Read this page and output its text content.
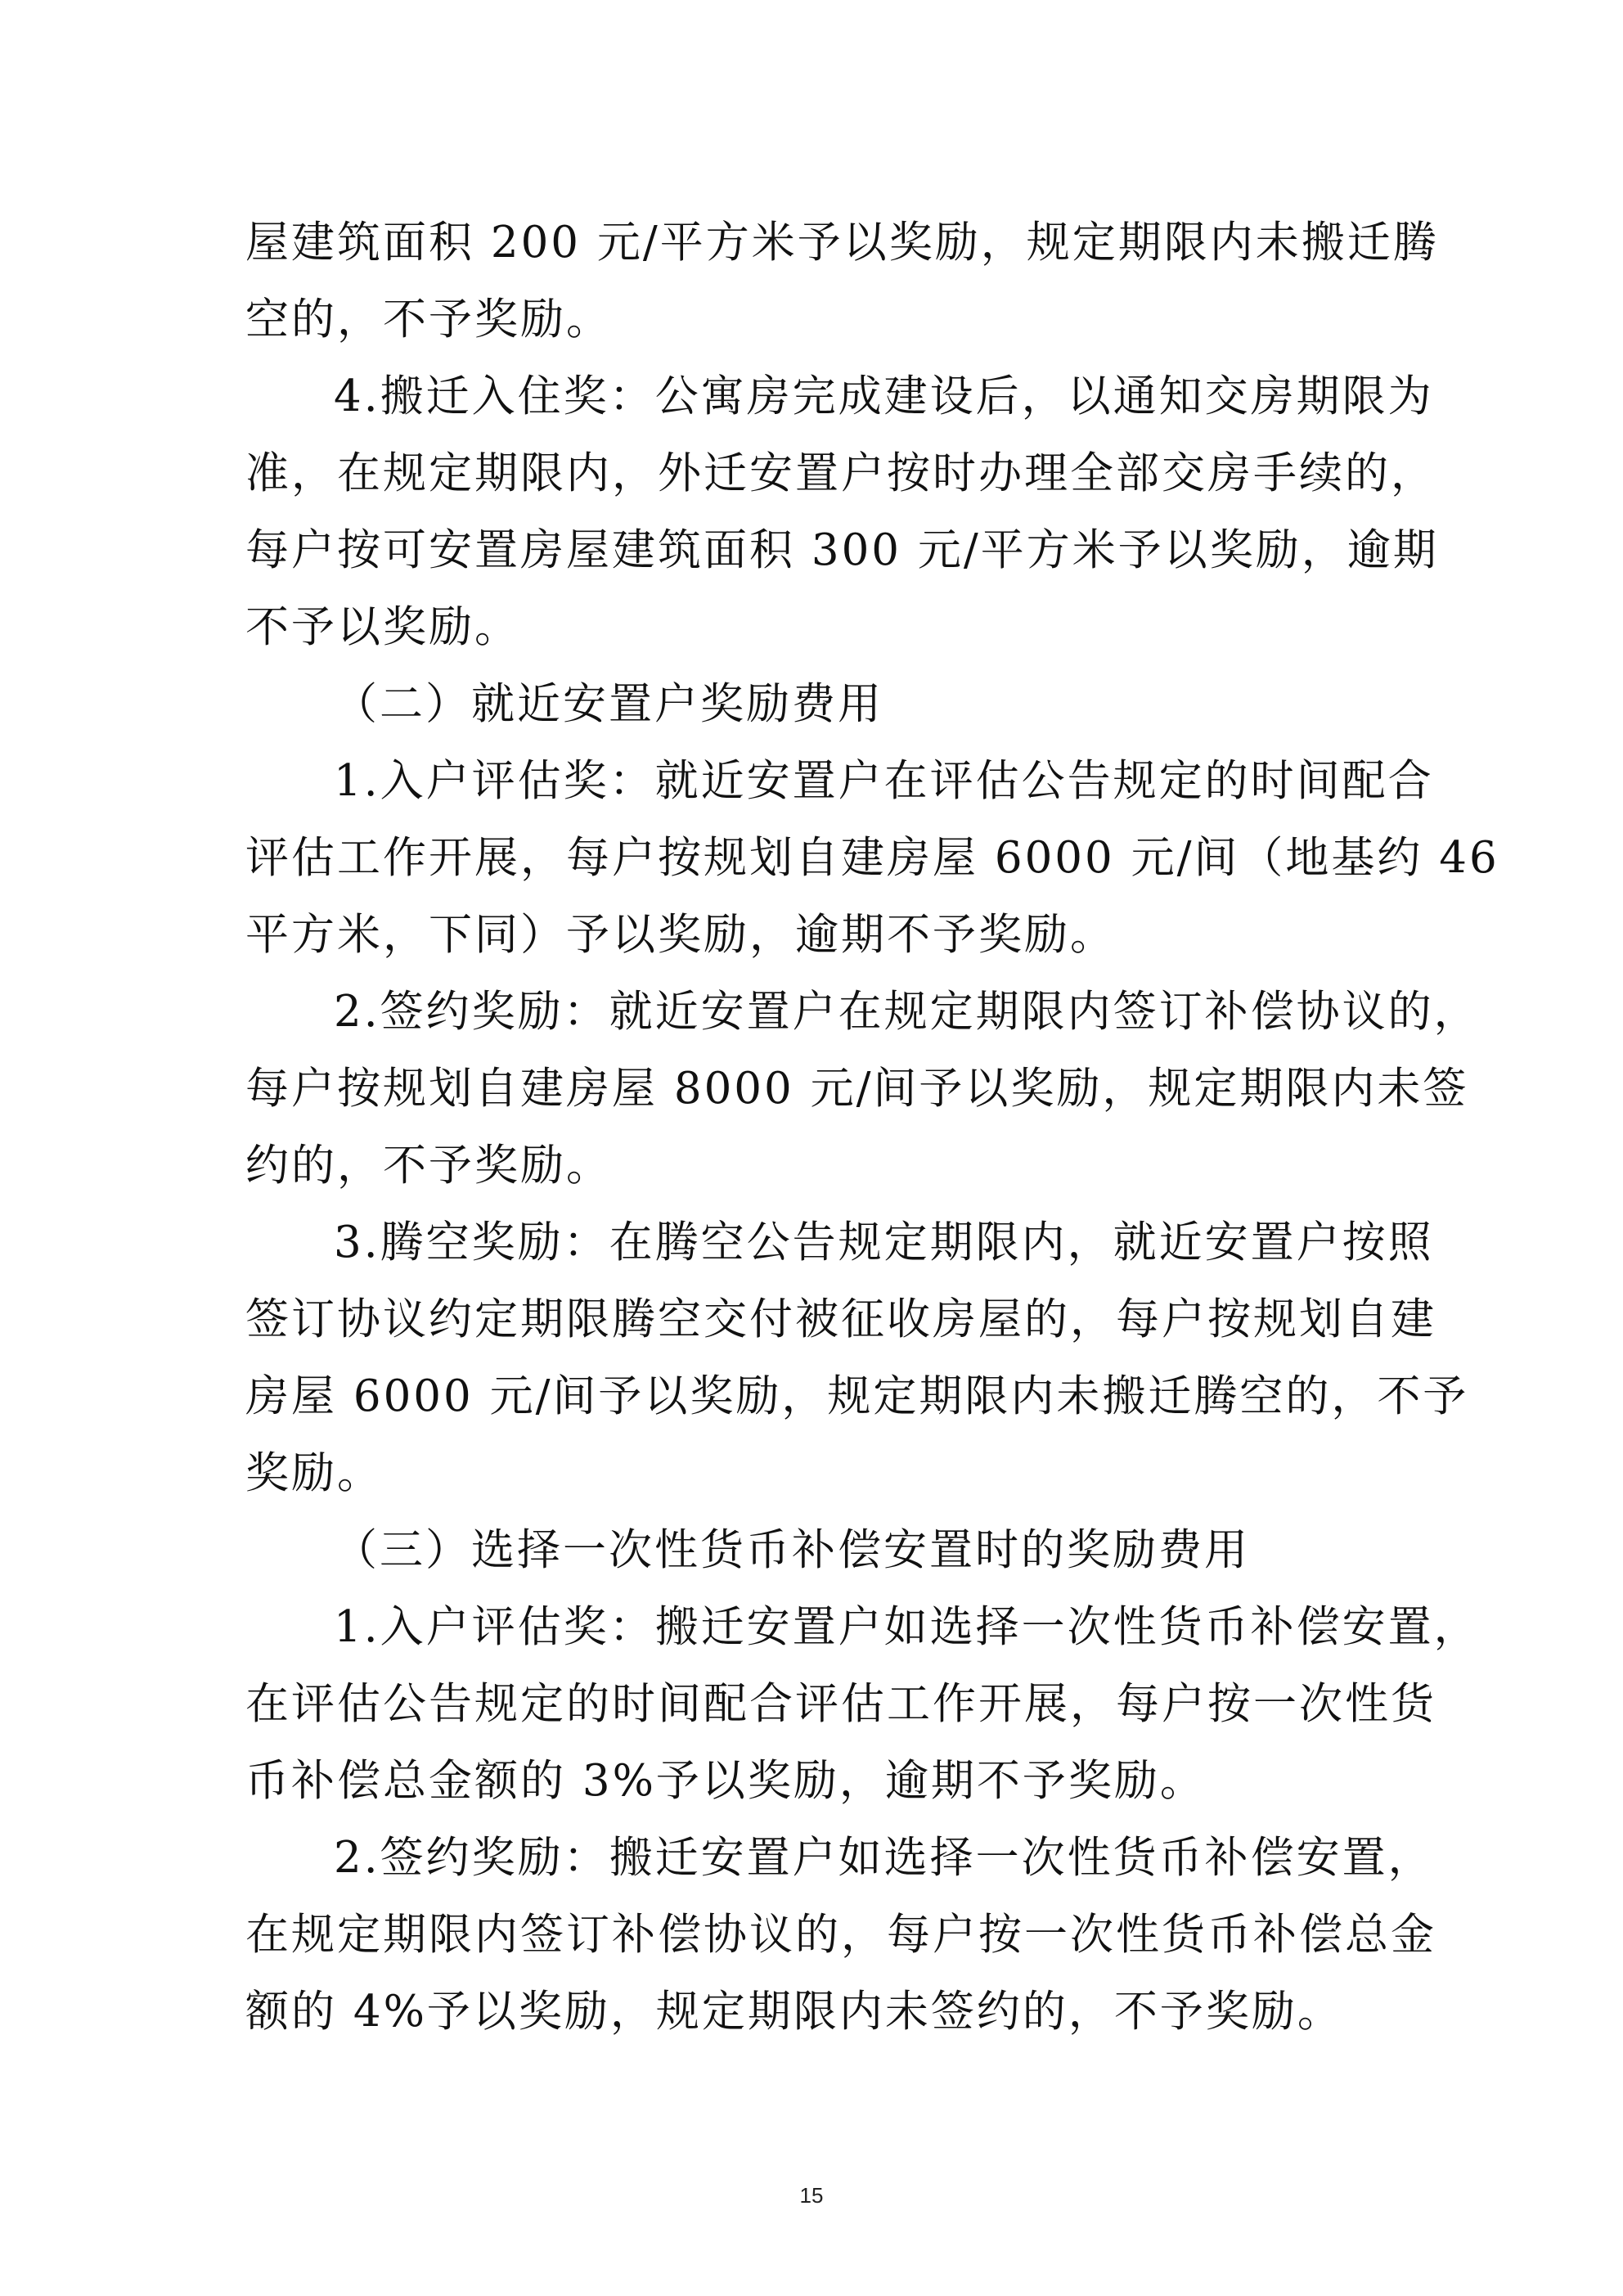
屋建筑面积 200 元/平方米予以奖励，规定期限内未搬迁腾
空的，不予奖励。
4.搬迁入住奖：公寓房完成建设后，以通知交房期限为
准，在规定期限内，外迁安置户按时办理全部交房手续的，
每户按可安置房屋建筑面积 300 元/平方米予以奖励，逾期
不予以奖励。
（二）就近安置户奖励费用
1.入户评估奖：就近安置户在评估公告规定的时间配合
评估工作开展，每户按规划自建房屋 6000 元/间（地基约 46
平方米，下同）予以奖励，逾期不予奖励。
2.签约奖励：就近安置户在规定期限内签订补偿协议的，
每户按规划自建房屋 8000 元/间予以奖励，规定期限内未签
约的，不予奖励。
3.腾空奖励：在腾空公告规定期限内，就近安置户按照
签订协议约定期限腾空交付被征收房屋的，每户按规划自建
房屋 6000 元/间予以奖励，规定期限内未搬迁腾空的，不予
奖励。
（三）选择一次性货币补偿安置时的奖励费用
1.入户评估奖：搬迁安置户如选择一次性货币补偿安置，
在评估公告规定的时间配合评估工作开展，每户按一次性货
币补偿总金额的 3%予以奖励，逾期不予奖励。
2.签约奖励：搬迁安置户如选择一次性货币补偿安置，
在规定期限内签订补偿协议的，每户按一次性货币补偿总金
额的 4%予以奖励，规定期限内未签约的，不予奖励。
15
